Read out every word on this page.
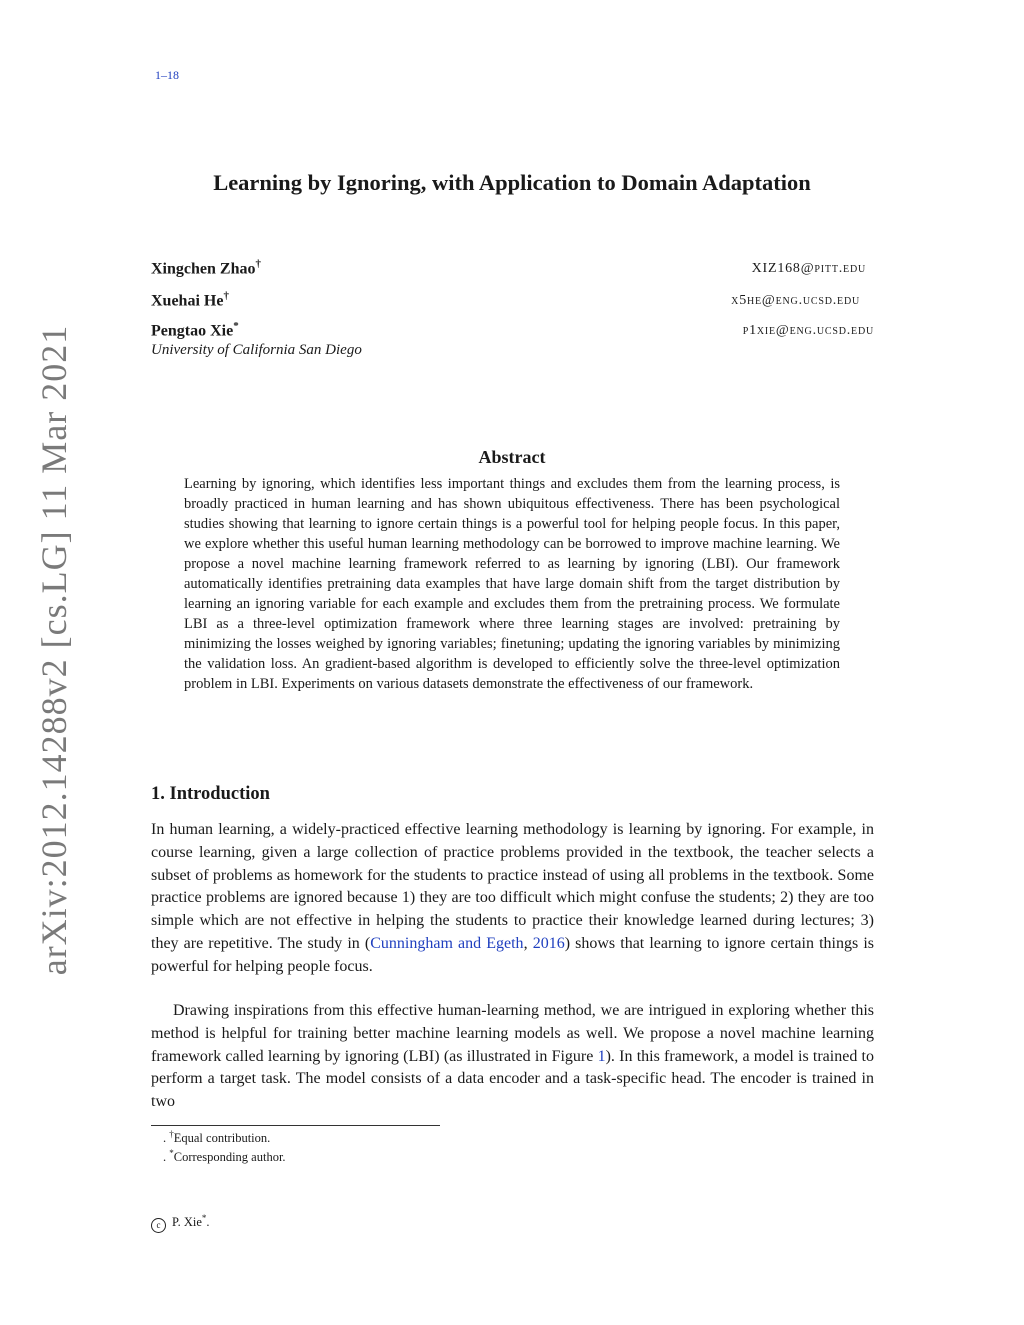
1–18
arXiv:2012.14288v2 [cs.LG] 11 Mar 2021
Learning by Ignoring, with Application to Domain Adaptation
Xingchen Zhao†	XIZ168@pitt.edu
Xuehai He†	x5he@eng.ucsd.edu
Pengtao Xie*	p1xie@eng.ucsd.edu
University of California San Diego
Abstract
Learning by ignoring, which identifies less important things and excludes them from the learning process, is broadly practiced in human learning and has shown ubiquitous effectiveness. There has been psychological studies showing that learning to ignore certain things is a powerful tool for helping people focus. In this paper, we explore whether this useful human learning methodology can be borrowed to improve machine learning. We propose a novel machine learning framework referred to as learning by ignoring (LBI). Our framework automatically identifies pretraining data examples that have large domain shift from the target distribution by learning an ignoring variable for each example and excludes them from the pretraining process. We formulate LBI as a three-level optimization framework where three learning stages are involved: pretraining by minimizing the losses weighed by ignoring variables; finetuning; updating the ignoring variables by minimizing the validation loss. An gradient-based algorithm is developed to efficiently solve the three-level optimization problem in LBI. Experiments on various datasets demonstrate the effectiveness of our framework.
1. Introduction
In human learning, a widely-practiced effective learning methodology is learning by ignoring. For example, in course learning, given a large collection of practice problems provided in the textbook, the teacher selects a subset of problems as homework for the students to practice instead of using all problems in the textbook. Some practice problems are ignored because 1) they are too difficult which might confuse the students; 2) they are too simple which are not effective in helping the students to practice their knowledge learned during lectures; 3) they are repetitive. The study in (Cunningham and Egeth, 2016) shows that learning to ignore certain things is powerful for helping people focus.
Drawing inspirations from this effective human-learning method, we are intrigued in exploring whether this method is helpful for training better machine learning models as well. We propose a novel machine learning framework called learning by ignoring (LBI) (as illustrated in Figure 1). In this framework, a model is trained to perform a target task. The model consists of a data encoder and a task-specific head. The encoder is trained in two
. †Equal contribution.
. *Corresponding author.
c P. Xie*.
